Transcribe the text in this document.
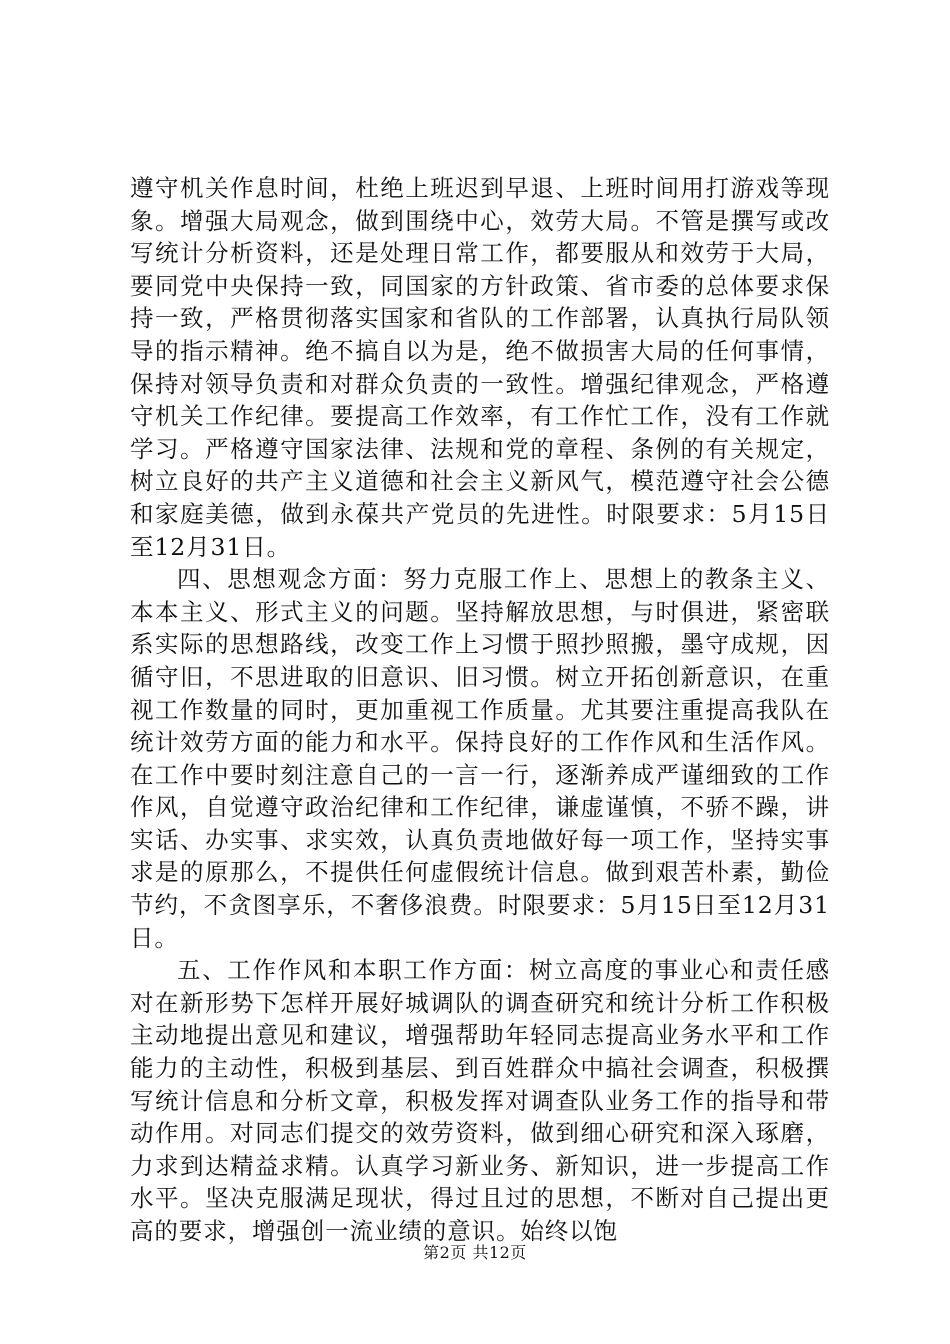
遵守机关作息时间，杜绝上班迟到早退、上班时间用打游戏等现象。增强大局观念，做到围绕中心，效劳大局。不管是撰写或改写统计分析资料，还是处理日常工作，都要服从和效劳于大局，要同党中央保持一致，同国家的方针政策、省市委的总体要求保持一致，严格贯彻落实国家和省队的工作部署，认真执行局队领导的指示精神。绝不搞自以为是，绝不做损害大局的任何事情，保持对领导负责和对群众负责的一致性。增强纪律观念，严格遵守机关工作纪律。要提高工作效率，有工作忙工作，没有工作就学习。严格遵守国家法律、法规和党的章程、条例的有关规定，树立良好的共产主义道德和社会主义新风气，模范遵守社会公德和家庭美德，做到永葆共产党员的先进性。时限要求：5月15日至12月31日。

四、思想观念方面：努力克服工作上、思想上的教条主义、本本主义、形式主义的问题。坚持解放思想，与时俱进，紧密联系实际的思想路线，改变工作上习惯于照抄照搬，墨守成规，因循守旧，不思进取的旧意识、旧习惯。树立开拓创新意识，在重视工作数量的同时，更加重视工作质量。尤其要注重提高我队在统计效劳方面的能力和水平。保持良好的工作作风和生活作风。在工作中要时刻注意自己的一言一行，逐渐养成严谨细致的工作作风，自觉遵守政治纪律和工作纪律，谦虚谨慎，不骄不躁，讲实话、办实事、求实效，认真负责地做好每一项工作，坚持实事求是的原那么，不提供任何虚假统计信息。做到艰苦朴素，勤俭节约，不贪图享乐，不奢侈浪费。时限要求：5月15日至12月31日。

五、工作作风和本职工作方面：树立高度的事业心和责任感对在新形势下怎样开展好城调队的调查研究和统计分析工作积极主动地提出意见和建议，增强帮助年轻同志提高业务水平和工作能力的主动性，积极到基层、到百姓群众中搞社会调查，积极撰写统计信息和分析文章，积极发挥对调查队业务工作的指导和带动作用。对同志们提交的效劳资料，做到细心研究和深入琢磨，力求到达精益求精。认真学习新业务、新知识，进一步提高工作水平。坚决克服满足现状，得过且过的思想，不断对自己提出更高的要求，增强创一流业绩的意识。始终以饱

第2页 共12页
